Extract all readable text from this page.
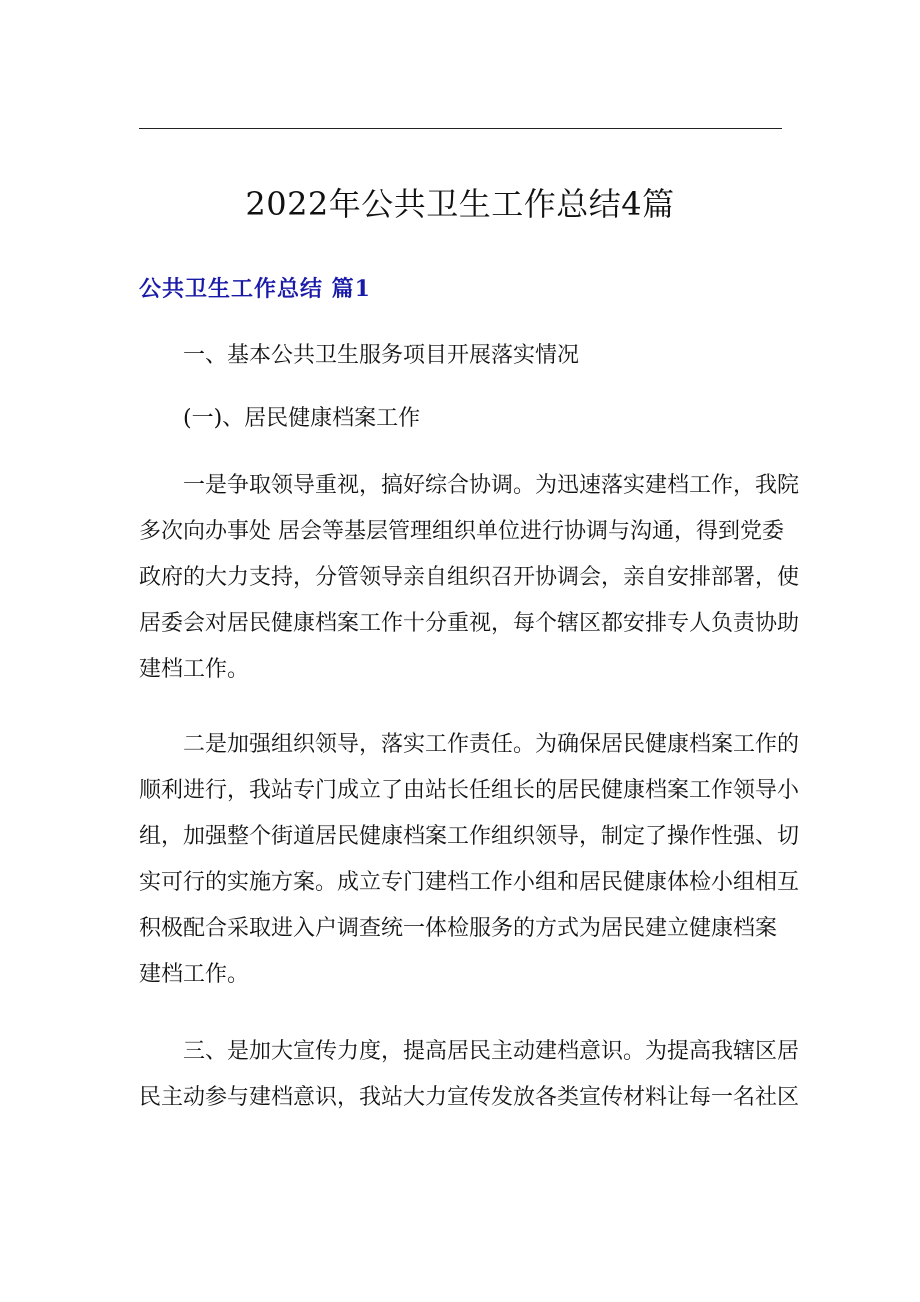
2022年公共卫生工作总结4篇
公共卫生工作总结 篇1
一、基本公共卫生服务项目开展落实情况
(一)、居民健康档案工作
一是争取领导重视，搞好综合协调。为迅速落实建档工作，我院
多次向办事处 居会等基层管理组织单位进行协调与沟通，得到党委
政府的大力支持，分管领导亲自组织召开协调会，亲自安排部署，使
居委会对居民健康档案工作十分重视，每个辖区都安排专人负责协助
建档工作。
二是加强组织领导，落实工作责任。为确保居民健康档案工作的
顺利进行，我站专门成立了由站长任组长的居民健康档案工作领导小
组，加强整个街道居民健康档案工作组织领导，制定了操作性强、切
实可行的实施方案。成立专门建档工作小组和居民健康体检小组相互
积极配合采取进入户调查统一体检服务的方式为居民建立健康档案
建档工作。
三、是加大宣传力度，提高居民主动建档意识。为提高我辖区居
民主动参与建档意识，我站大力宣传发放各类宣传材料让每一名社区
